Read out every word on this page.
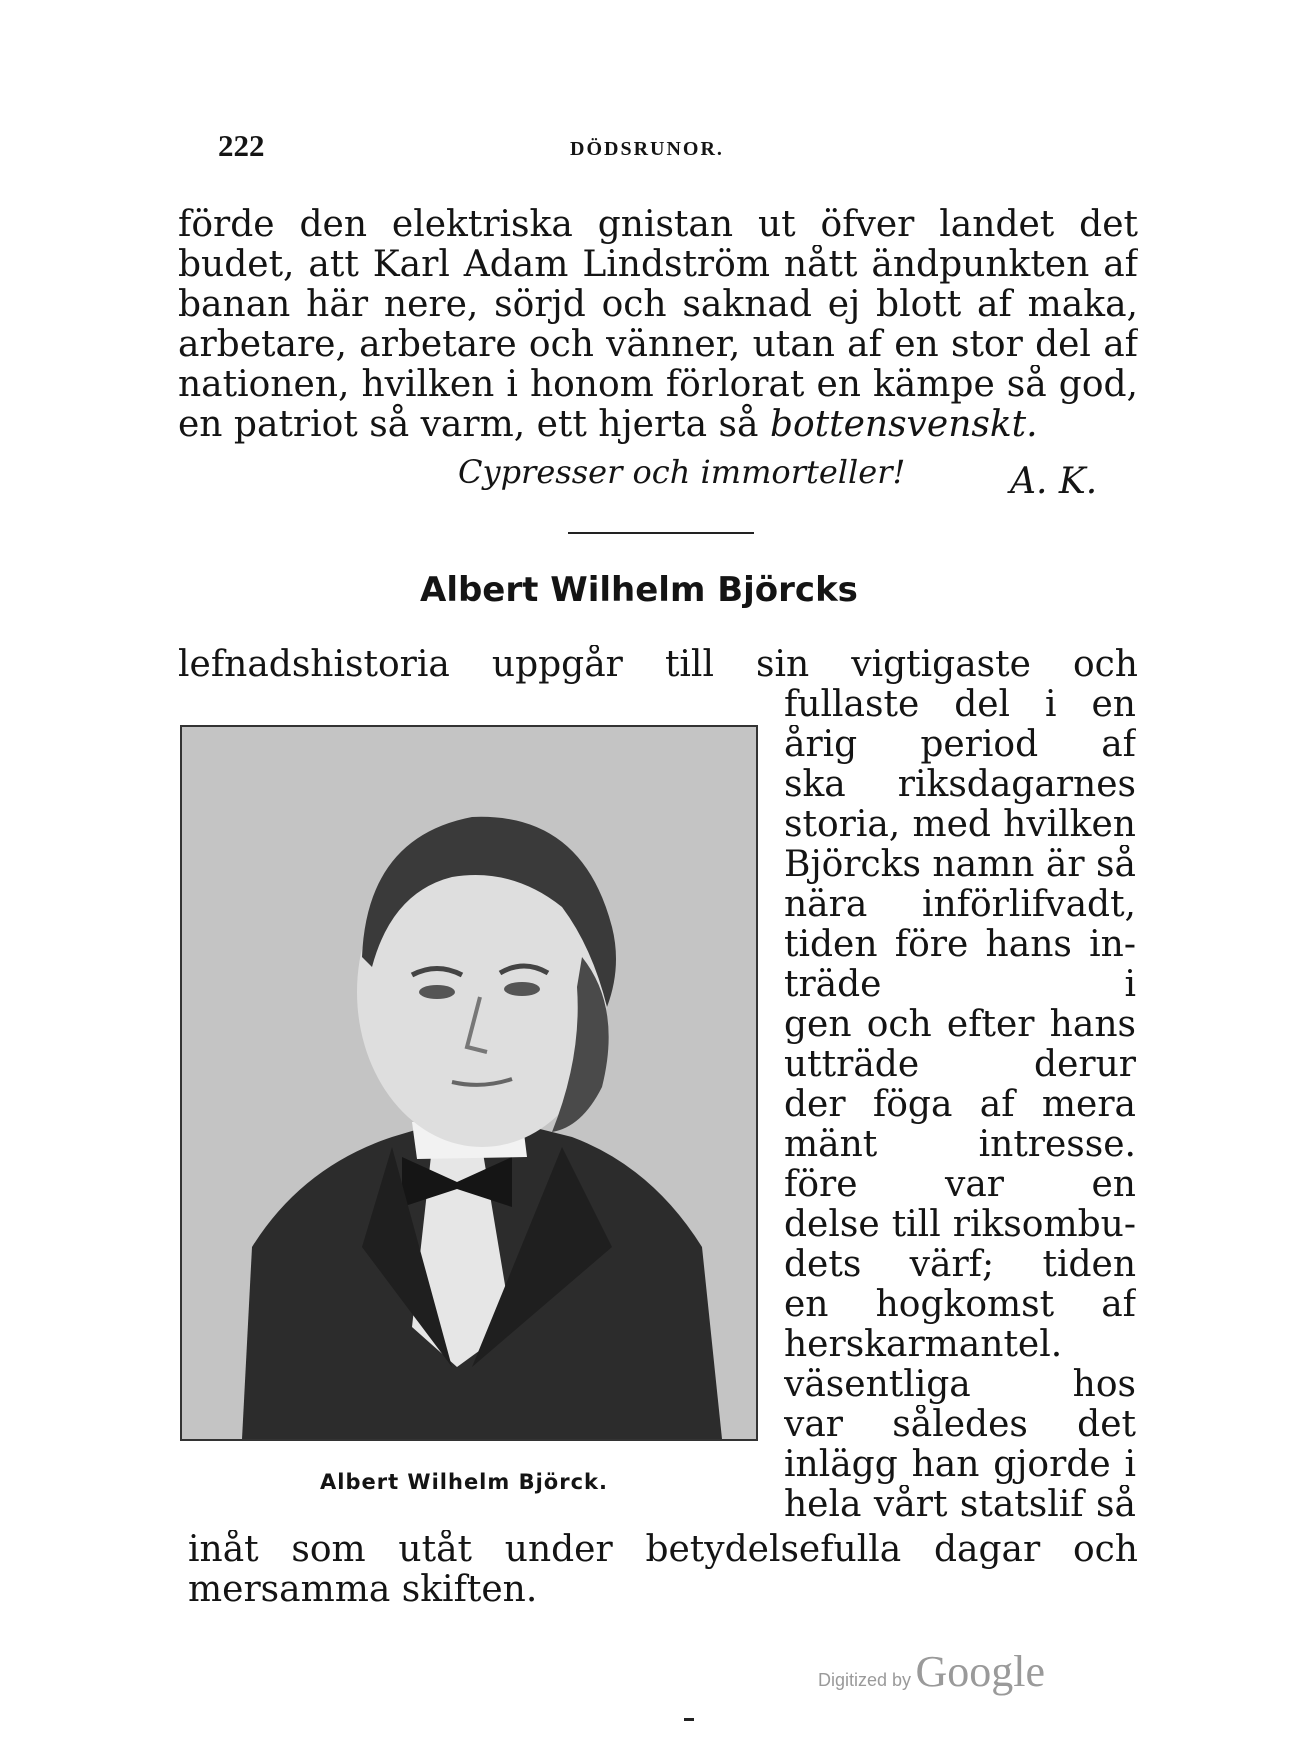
222	DÖDSRUNOR.
förde den elektriska gnistan ut öfver landet det
budet, att Karl Adam Lindström nått ändpunkten af
banan här nere, sörjd och saknad ej blott af maka,
arbetare, arbetare och vänner, utan af en stor del af
nationen, hvilken i honom förlorat en kämpe så god,
en patriot så varm, ett hjerta så bottensvenskt.
Cypresser och immorteller!	A. K.
Albert Wilhelm Björcks
lefnadshistoria uppgår till sin vigtigaste och
fullaste del i en
årig period af
ska riksdagarnes
storia, med hvilken
Björcks namn är så
nära införlifvadt,
tiden före hans in-
träde i
gen och efter hans
utträde derur
der föga af mera
mänt intresse.
före var en
delse till riksombu-
dets värf; tiden
en hogkomst af
herskarmantel.
väsentliga hos
var således det
inlägg han gjorde i
hela vårt statslif så
Albert Wilhelm Björck.
inåt som utåt under betydelsefulla dagar och
mersamma skiften.
Digitized by Google
